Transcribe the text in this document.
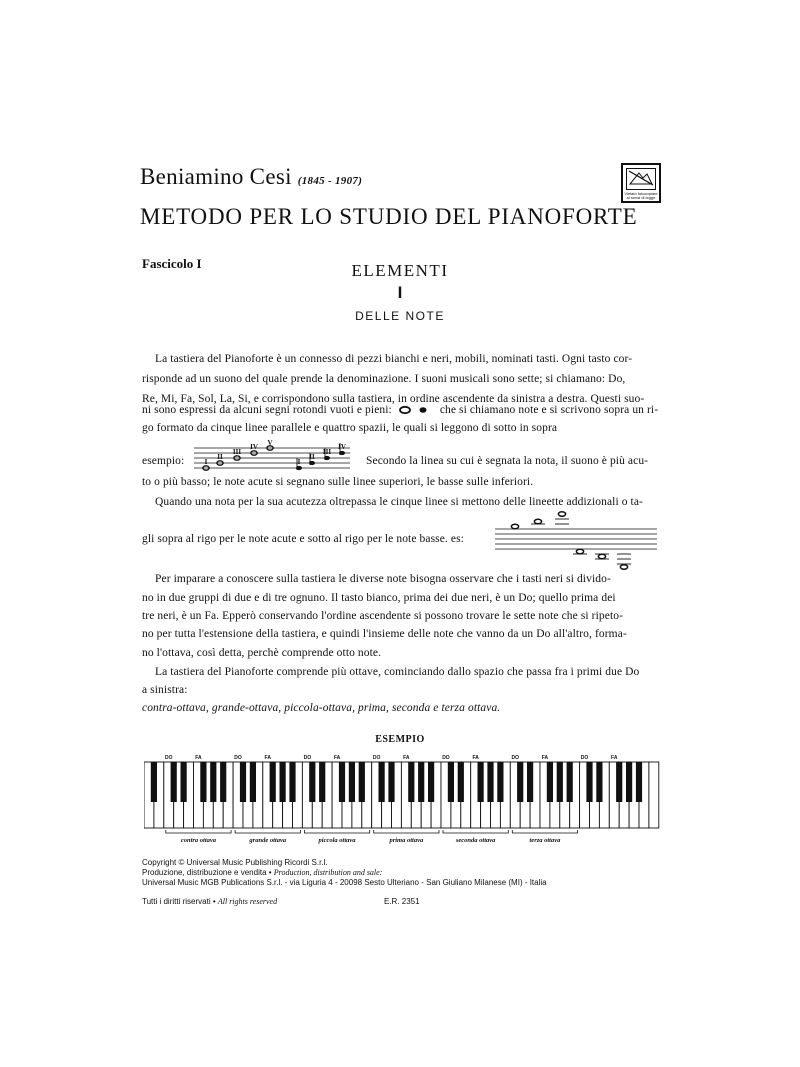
Beniamino Cesi (1845 - 1907)
METODO PER LO STUDIO DEL PIANOFORTE
Vietato fotocopiare al sensi di legge
Fascicolo I	ELEMENTI
I
DELLE NOTE
La tastiera del Pianoforte è un connesso di pezzi bianchi e neri, mobili, nominati tasti. Ogni tasto cor-
risponde ad un suono del quale prende la denominazione. I suoni musicali sono sette; si chiamano: Do,
Re, Mi, Fa, Sol, La, Si, e corrispondono sulla tastiera, in ordine ascendente da sinistra a destra. Questi suo-
ni sono espressi da alcuni segni rotondi vuoti e pieni:	che si chiamano note e si scrivono sopra un ri-
go formato da cinque linee parallele e quattro spazii, le quali si leggono di sotto in sopra
esempio:	I
II
III
IV V
I
II
III
IV
Secondo la linea su cui è segnata la nota, il suono è più acu-
to o più basso; le note acute si segnano sulle linee superiori, le basse sulle inferiori.
Quando una nota per la sua acutezza oltrepassa le cinque linee si mettono delle lineette addizionali o ta-
gli sopra al rigo per le note acute e sotto al rigo per le note basse. es:
Per imparare a conoscere sulla tastiera le diverse note bisogna osservare che i tasti neri si divido-
no in due gruppi di due e di tre ognuno. Il tasto bianco, prima dei due neri, è un Do; quello prima dei
tre neri, è un Fa. Epperò conservando l'ordine ascendente si possono trovare le sette note che si ripeto-
no per tutta l'estensione della tastiera, e quindi l'insieme delle note che vanno da un Do all'altro, forma-
no l'ottava, così detta, perchè comprende otto note.
La tastiera del Pianoforte comprende più ottave, cominciando dallo spazio che passa fra i primi due Do
a sinistra:
contra-ottava, grande-ottava, piccola-ottava, prima, seconda e terza ottava.
ESEMPIO
DO	FA	DO	FA	DO	FA	DO	FA	DO	FA	DO	FA	DO	FA
contra ottava	grande ottava	piccola ottava	prima ottava	seconda ottava	terza ottava
Copyright © Universal Music Publishing Ricordi S.r.l.
Produzione, distribuzione e vendita • Production, distribution and sale:
Universal Music MGB Publications S.r.l. - via Liguria 4 - 20098 Sesto Ulteriano - San Giuliano Milanese (MI) - Italia
Tutti i diritti riservati • All rights reserved	E.R. 2351
